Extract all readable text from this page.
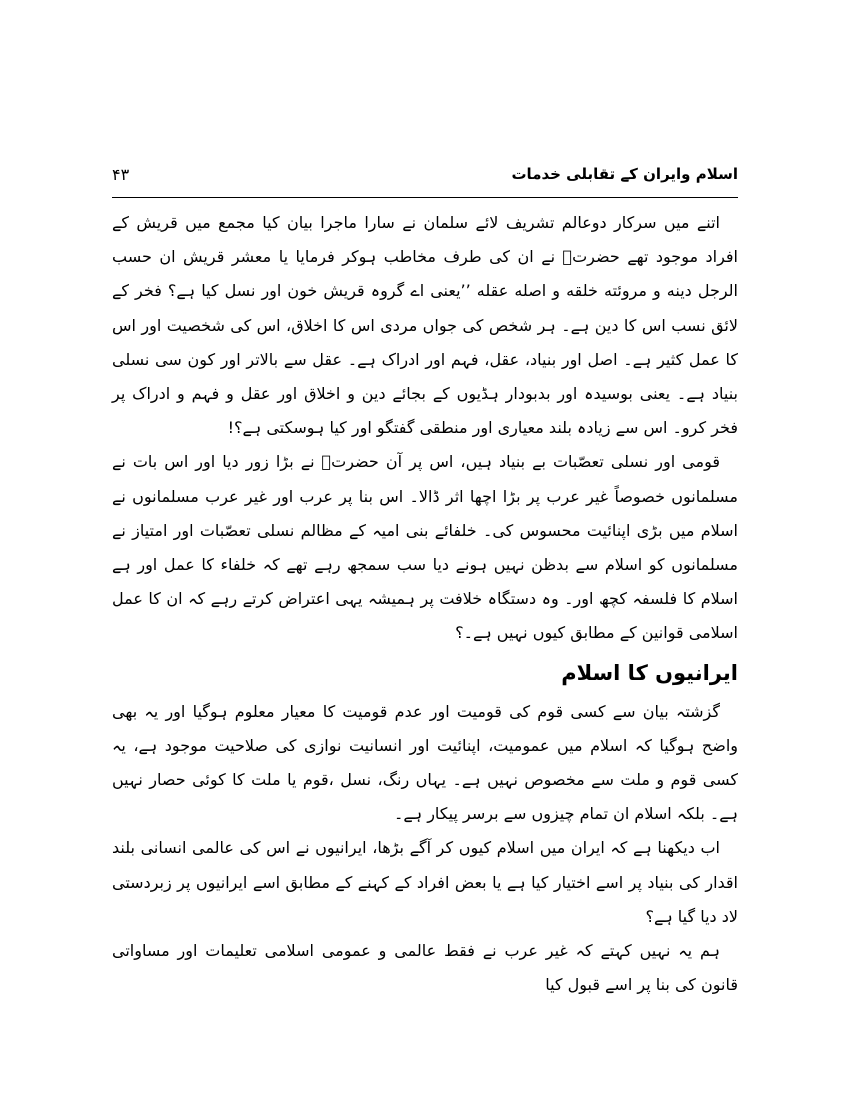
اسلام وایران کے تقابلی خدمات
۴۳

اتنے میں سرکار دوعالم تشریف لائے سلمان نے سارا ماجرا بیان کیا مجمع میں قریش کے افراد موجود تھے حضرتؐ نے ان کی طرف مخاطب ہوکر فرمایا یا معشر قریش ان حسب الرجل دینه و مروئته خلقه و اصله عقله ’’یعنی اے گروہ قریش خون اور نسل کیا ہے؟ فخر کے لائق نسب اس کا دین ہے۔ ہر شخص کی جواں مردی اس کا اخلاق، اس کی شخصیت اور اس کا عمل کثیر ہے۔ اصل اور بنیاد، عقل، فہم اور ادراک ہے۔ عقل سے بالاتر اور کون سی نسلی بنیاد ہے۔ یعنی بوسیدہ اور بدبودار ہڈیوں کے بجائے دین و اخلاق اور عقل و فہم و ادراک پر فخر کرو۔ اس سے زیادہ بلند معیاری اور منطقی گفتگو اور کیا ہوسکتی ہے؟!

قومی اور نسلی تعصّبات بے بنیاد ہیں، اس پر آن حضرتؐ نے بڑا زور دیا اور اس بات نے مسلمانوں خصوصاً غیر عرب پر بڑا اچھا اثر ڈالا۔ اس بنا پر عرب اور غیر عرب مسلمانوں نے اسلام میں بڑی اپنائیت محسوس کی۔ خلفائے بنی امیہ کے مظالم نسلی تعصّبات اور امتیاز نے مسلمانوں کو اسلام سے بدظن نہیں ہونے دیا سب سمجھ رہے تھے کہ خلفاء کا عمل اور ہے اسلام کا فلسفہ کچھ اور۔ وہ دستگاہ خلافت پر ہمیشہ یہی اعتراض کرتے رہے کہ ان کا عمل اسلامی قوانین کے مطابق کیوں نہیں ہے۔؟

ایرانیوں کا اسلام

گزشتہ بیان سے کسی قوم کی قومیت اور عدم قومیت کا معیار معلوم ہوگیا اور یہ بھی واضح ہوگیا کہ اسلام میں عمومیت، اپنائیت اور انسانیت نوازی کی صلاحیت موجود ہے، یہ کسی قوم و ملت سے مخصوص نہیں ہے۔ یہاں رنگ، نسل ،قوم یا ملت کا کوئی حصار نہیں ہے۔ بلکہ اسلام ان تمام چیزوں سے برسر پیکار ہے۔

اب دیکھنا ہے کہ ایران میں اسلام کیوں کر آگے بڑھا، ایرانیوں نے اس کی عالمی انسانی بلند اقدار کی بنیاد پر اسے اختیار کیا ہے یا بعض افراد کے کہنے کے مطابق اسے ایرانیوں پر زبردستی لاد دیا گیا ہے؟

ہم یہ نہیں کہتے کہ غیر عرب نے فقط عالمی و عمومی اسلامی تعلیمات اور مساواتی قانون کی بنا پر اسے قبول کیا
